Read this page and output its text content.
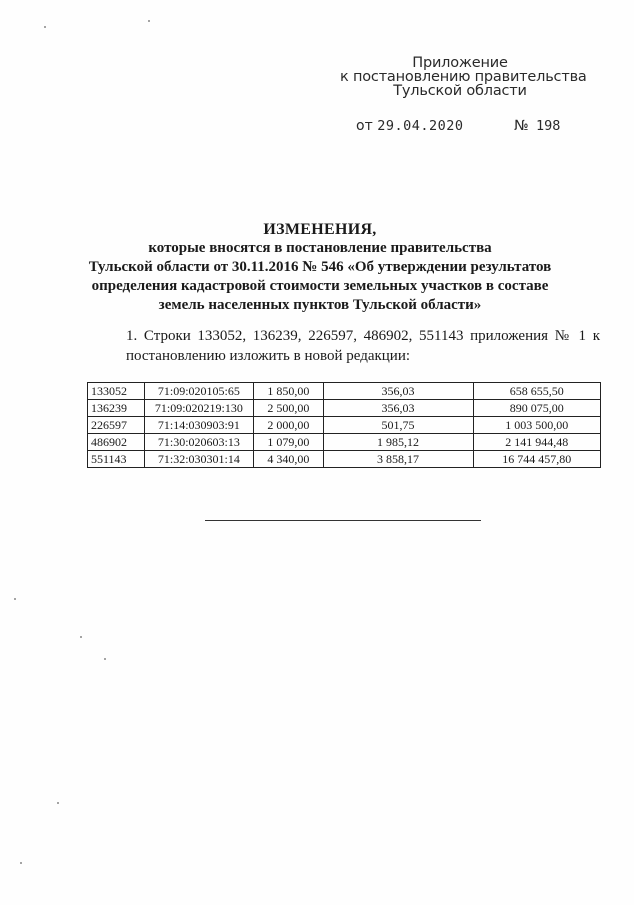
Приложение
к постановлению правительства
Тульской области
от 29.04.2020	№ 198
ИЗМЕНЕНИЯ,
которые вносятся в постановление правительства
Тульской области от 30.11.2016 № 546 «Об утверждении результатов
определения кадастровой стоимости земельных участков в составе
земель населенных пунктов Тульской области»
1. Строки 133052, 136239, 226597, 486902, 551143 приложения № 1 к постановлению изложить в новой редакции:
133052	71:09:020105:65	1 850,00	356,03	658 655,50
136239	71:09:020219:130	2 500,00	356,03	890 075,00
226597	71:14:030903:91	2 000,00	501,75	1 003 500,00
486902	71:30:020603:13	1 079,00	1 985,12	2 141 944,48
551143	71:32:030301:14	4 340,00	3 858,17	16 744 457,80
